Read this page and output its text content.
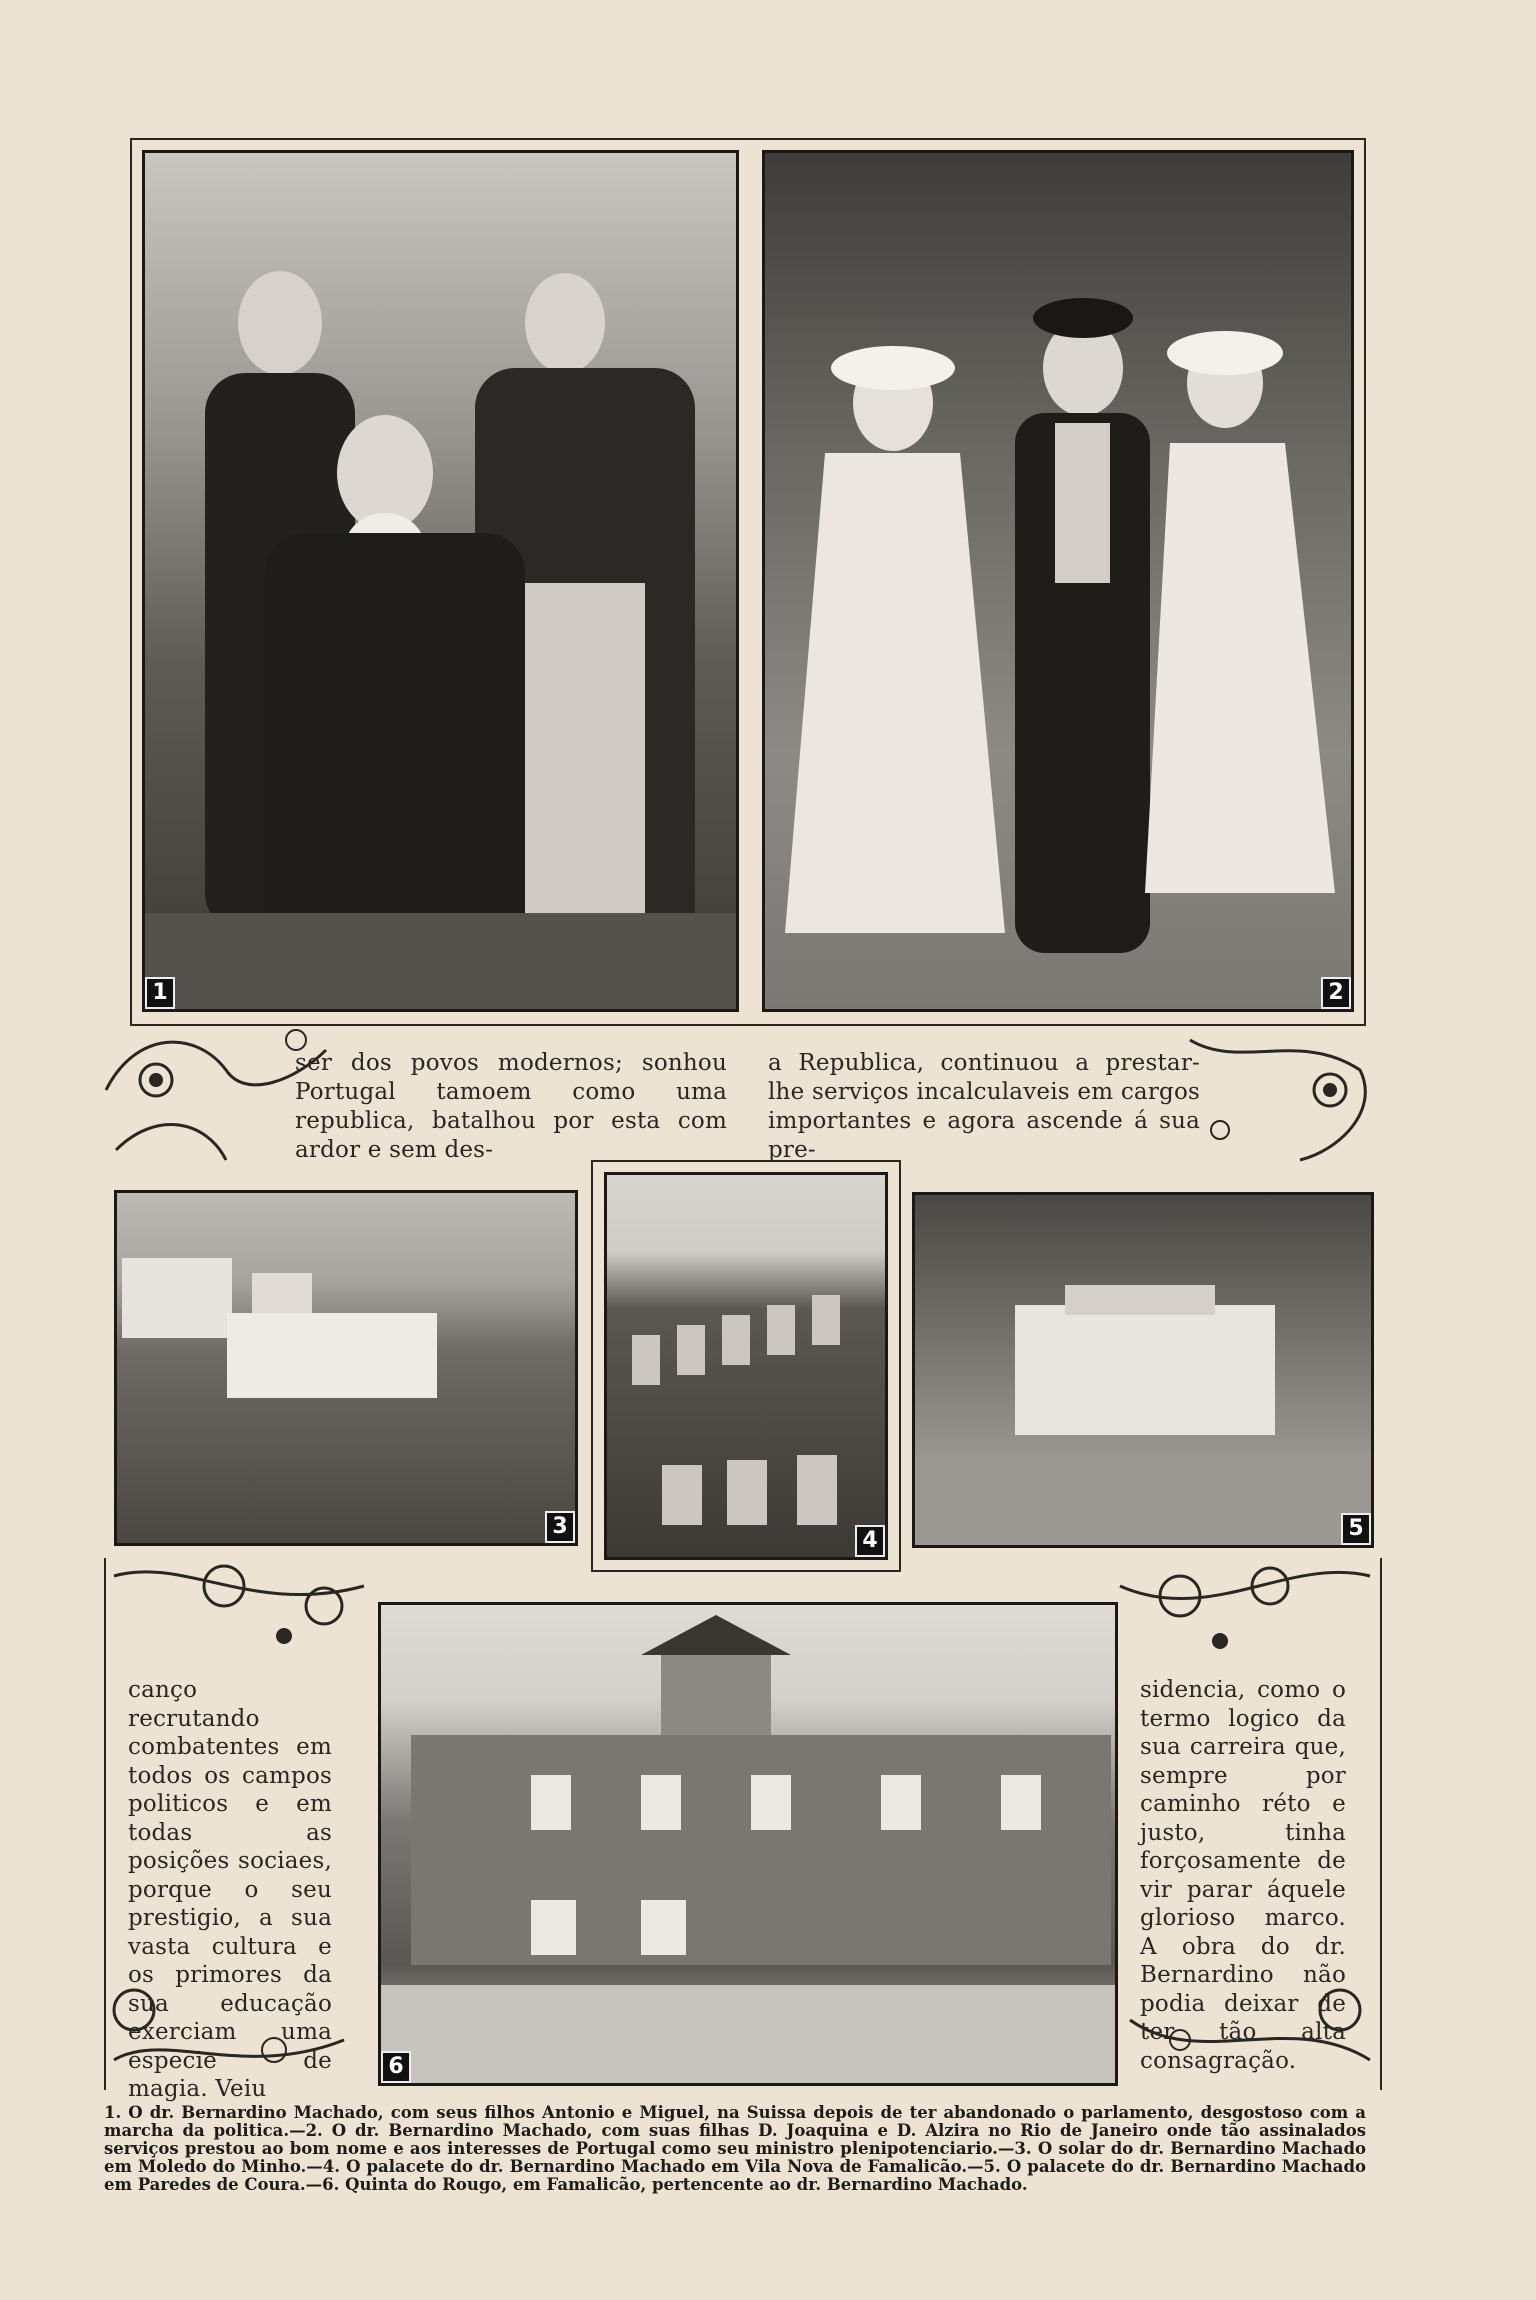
1	2
ser dos povos modernos; sonhou Portugal tamoem como uma republica, batalhou por esta com ardor e sem des-
a Republica, continuou a prestar-lhe serviços incalculaveis em cargos importantes e agora ascende á sua pre-
3
4	5
6
canço recrutando combatentes em todos os campos politicos e em todas as posições sociaes, porque o seu prestigio, a sua vasta cultura e os primores da sua educação exerciam uma especie de magia. Veiu
sidencia, como o termo logico da sua carreira que, sempre por caminho réto e justo, tinha forçosamente de vir parar áquele glorioso marco. A obra do dr. Bernardino não podia deixar de ter tão alta consagração.
1. O dr. Bernardino Machado, com seus filhos Antonio e Miguel, na Suissa depois de ter abandonado o parlamento, desgostoso com a marcha da politica.—2. O dr. Bernardino Machado, com suas filhas D. Joaquina e D. Alzira no Rio de Janeiro onde tão assinalados serviços prestou ao bom nome e aos interesses de Portugal como seu ministro plenipotenciario.—3. O solar do dr. Bernardino Machado em Moledo do Minho.—4. O palacete do dr. Bernardino Machado em Vila Nova de Famalicão.—5. O palacete do dr. Bernardino Machado em Paredes de Coura.—6. Quinta do Rougo, em Famalicão, pertencente ao dr. Bernardino Machado.
